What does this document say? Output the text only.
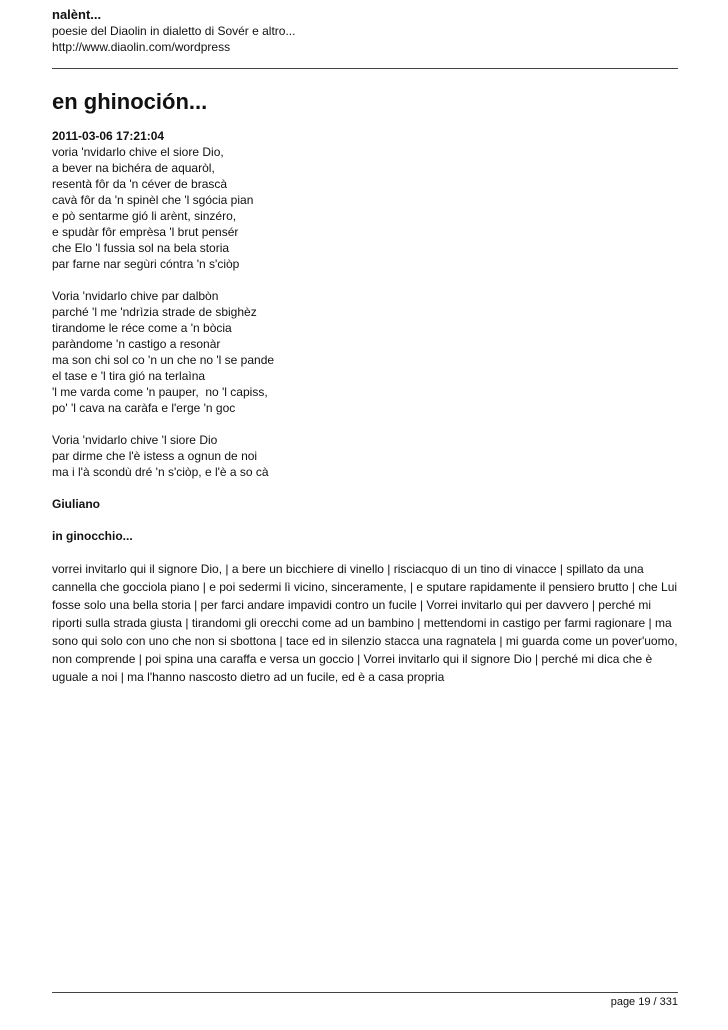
nalènt...
poesie del Diaolin in dialetto di Sovér e altro...
http://www.diaolin.com/wordpress
en ghinoción...
2011-03-06 17:21:04
voria 'nvidarlo chive el siore Dio,
a bever na bichéra de aquaròl,
resentà fôr da 'n céver de brascà
cavà fôr da 'n spinèl che 'l sgócia pian
e pò sentarme gió li arènt, sinzéro,
e spudàr fôr emprèsa 'l brut pensér
che Elo 'l fussia sol na bela storia
par farne nar segùri cóntra 'n s'ciòp
Voria 'nvidarlo chive par dalbòn
parché 'l me 'ndrìzia strade de sbighèz
tirandome le réce come a 'n bòcia
paràndome 'n castigo a resonàr
ma son chi sol co 'n un che no 'l se pande
el tase e 'l tira gió na terlaìna
'l me varda come 'n pauper,  no 'l capiss,
po' 'l cava na caràfa e l'erge 'n goc
Voria 'nvidarlo chive 'l siore Dio
par dirme che l'è istess a ognun de noi
ma i l'à scondù dré 'n s'ciòp, e l'è a so cà
Giuliano
in ginocchio...

vorrei invitarlo qui il signore Dio, | a bere un bicchiere di vinello | risciacquo di un tino di vinacce | spillato da una cannella che gocciola piano | e poi sedermi lì vicino, sinceramente, | e sputare rapidamente il pensiero brutto | che Lui fosse solo una bella storia | per farci andare impavidi contro un fucile | Vorrei invitarlo qui per davvero | perché mi riporti sulla strada giusta | tirandomi gli orecchi come ad un bambino | mettendomi in castigo per farmi ragionare | ma sono qui solo con uno che non si sbottona | tace ed in silenzio stacca una ragnatela | mi guarda come un pover'uomo, non comprende | poi spina una caraffa e versa un goccio | Vorrei invitarlo qui il signore Dio | perché mi dica che è uguale a noi | ma l'hanno nascosto dietro ad un fucile, ed è a casa propria

page 19 / 331
